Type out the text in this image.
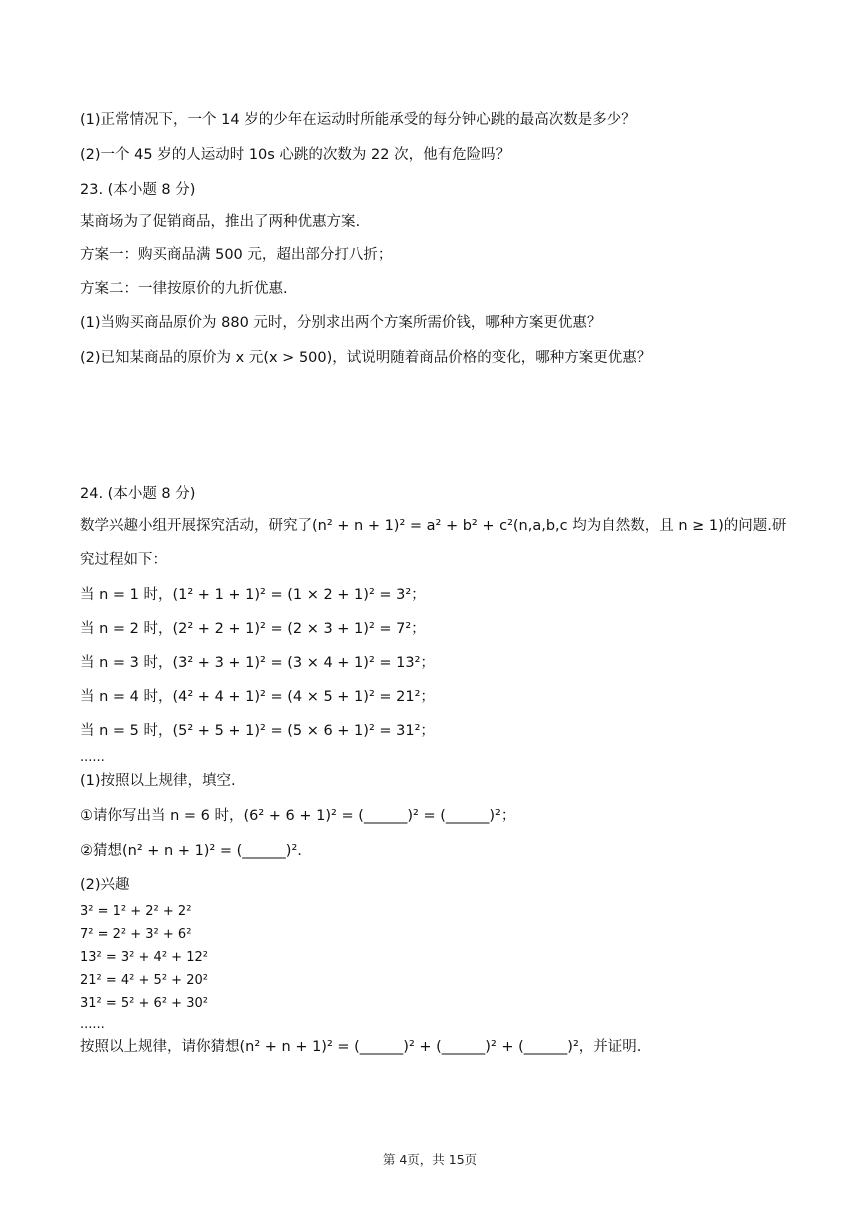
(1)正常情况下，一个 14 岁的少年在运动时所能承受的每分钟心跳的最高次数是多少？
(2)一个 45 岁的人运动时 10s 心跳的次数为 22 次，他有危险吗？
23. (本小题 8 分)
某商场为了促销商品，推出了两种优惠方案.
方案一：购买商品满 500 元，超出部分打八折；
方案二：一律按原价的九折优惠.
(1)当购买商品原价为 880 元时，分别求出两个方案所需价钱，哪种方案更优惠？
(2)已知某商品的原价为 x 元(x > 500)，试说明随着商品价格的变化，哪种方案更优惠？
24. (本小题 8 分)
数学兴趣小组开展探究活动，研究了(n² + n + 1)² = a² + b² + c²(n,a,b,c 均为自然数，且 n ≥ 1)的问题.研
究过程如下：
当 n = 1 时，(1² + 1 + 1)² = (1 × 2 + 1)² = 3²；
当 n = 2 时，(2² + 2 + 1)² = (2 × 3 + 1)² = 7²；
当 n = 3 时，(3² + 3 + 1)² = (3 × 4 + 1)² = 13²；
当 n = 4 时，(4² + 4 + 1)² = (4 × 5 + 1)² = 21²；
当 n = 5 时，(5² + 5 + 1)² = (5 × 6 + 1)² = 31²；
......
(1)按照以上规律，填空.
①请你写出当 n = 6 时，(6² + 6 + 1)² = (______)² = (______)²；
②猜想(n² + n + 1)² = (______)².
(2)兴趣
3² = 1² + 2² + 2²
7² = 2² + 3² + 6²
13² = 3² + 4² + 12²
21² = 4² + 5² + 20²
31² = 5² + 6² + 30²
......
按照以上规律，请你猜想(n² + n + 1)² = (______)² + (______)² + (______)²，并证明.
第 4页，共 15页
